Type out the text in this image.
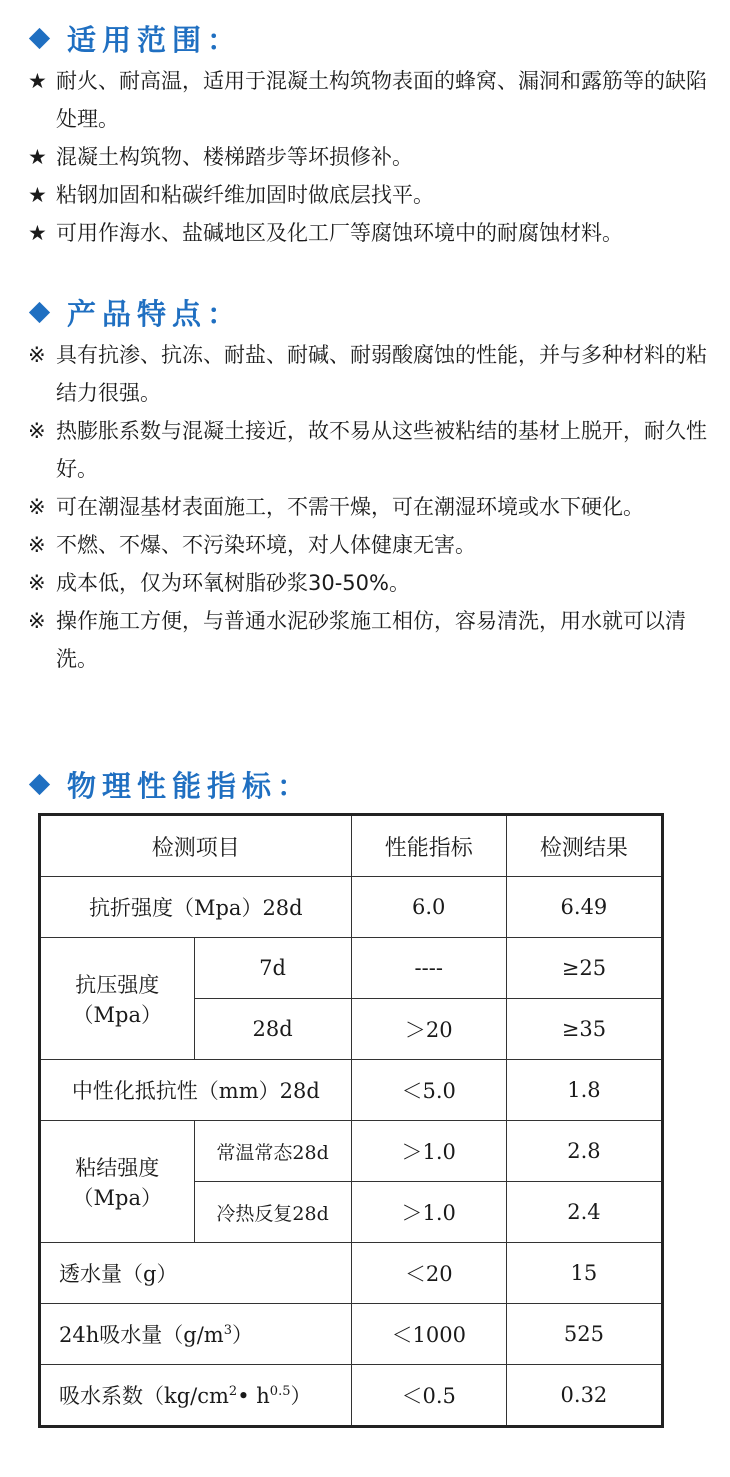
适用范围：
★ 耐火、耐高温，适用于混凝土构筑物表面的蜂窝、漏洞和露筋等的缺陷处理。
★ 混凝土构筑物、楼梯踏步等坏损修补。
★ 粘钢加固和粘碳纤维加固时做底层找平。
★ 可用作海水、盐碱地区及化工厂等腐蚀环境中的耐腐蚀材料。
产品特点：
※ 具有抗渗、抗冻、耐盐、耐碱、耐弱酸腐蚀的性能，并与多种材料的粘结力很强。
※ 热膨胀系数与混凝土接近，故不易从这些被粘结的基材上脱开，耐久性好。
※ 可在潮湿基材表面施工，不需干燥，可在潮湿环境或水下硬化。
※ 不燃、不爆、不污染环境，对人体健康无害。
※ 成本低，仅为环氧树脂砂浆30-50%。
※ 操作施工方便，与普通水泥砂浆施工相仿，容易清洗，用水就可以清洗。
物理性能指标：
检测项目		性能指标	检测结果
抗折强度（Mpa）28d		6.0	6.49
抗压强度
（Mpa）	7d	----	≥25
	28d	＞20	≥35
中性化抵抗性（mm）28d		＜5.0	1.8
粘结强度
（Mpa）	常温常态28d	＞1.0	2.8
	冷热反复28d	＞1.0	2.4
透水量（g）		＜20	15
24h吸水量$(g/m^3)$		＜1000	525
吸水系数（$kg/cm^2•$ $h^{0.5}$）		＜0.5	0.32
